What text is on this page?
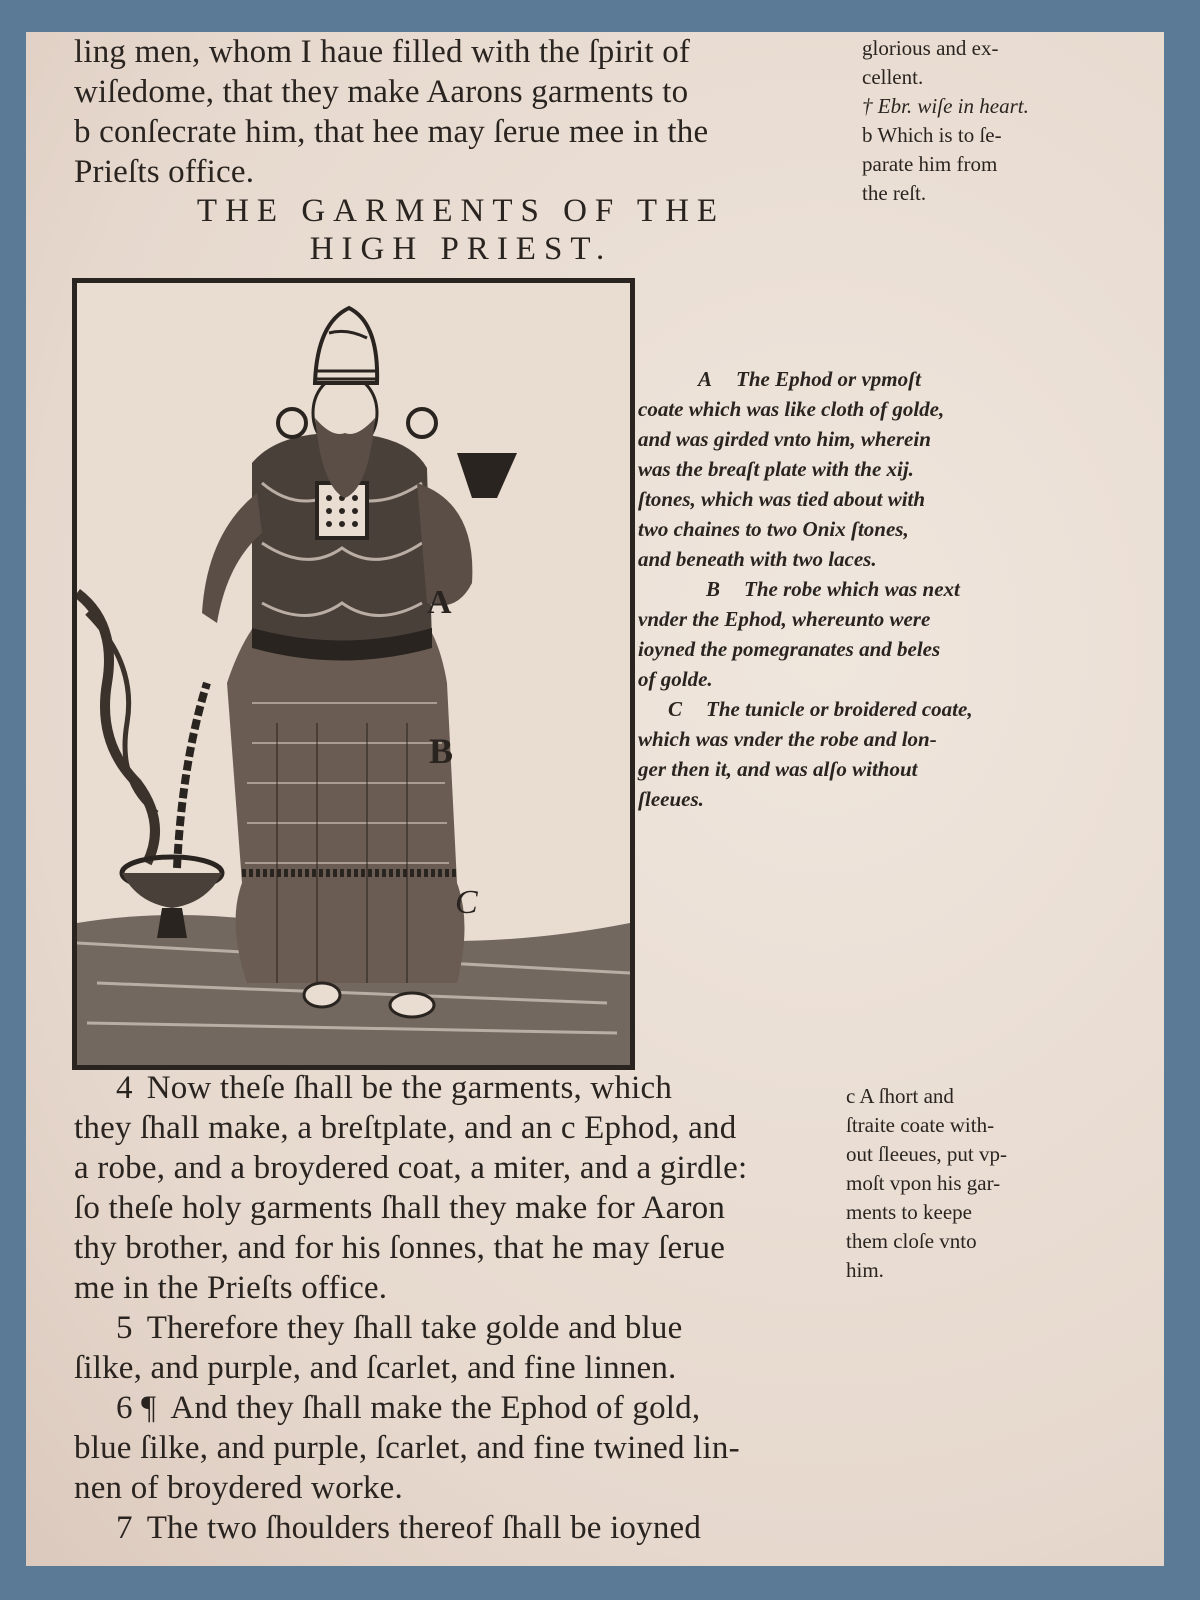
ling men, whom I haue filled with the ſpirit of
wiſedome, that they make Aarons garments to
b conſecrate him, that hee may ſerue mee in the
Prieſts office.
glorious and ex-
cellent.
† Ebr. wiſe in heart.
b Which is to ſe-
parate him from
the reſt.
THE GARMENTS OF THE
HIGH PRIEST.
A
B
C

A The Ephod or vpmoſt

coate which was like cloth of golde,

and was girded vnto him, wherein

was the breaſt plate with the xij.

ſtones, which was tied about with

two chaines to two Onix ſtones,

and beneath with two laces.

B The robe which was next

vnder the Ephod, whereunto were

ioyned the pomegranates and beles

of golde.

C The tunicle or broidered coate,

which was vnder the robe and lon-

ger then it, and was alſo without

ſleeues.

4 Now theſe ſhall be the garments, which
they ſhall make, a breſtplate, and an c Ephod, and
a robe, and a broydered coat, a miter, and a girdle:
ſo theſe holy garments ſhall they make for Aaron
thy brother, and for his ſonnes, that he may ſerue
me in the Prieſts office.
5 Therefore they ſhall take golde and blue
ſilke, and purple, and ſcarlet, and fine linnen.
6 ¶ And they ſhall make the Ephod of gold,
blue ſilke, and purple, ſcarlet, and fine twined lin-
nen of broydered worke.
7 The two ſhoulders thereof ſhall be ioyned
c A ſhort and
ſtraite coate with-
out ſleeues, put vp-
moſt vpon his gar-
ments to keepe
them cloſe vnto
him.
